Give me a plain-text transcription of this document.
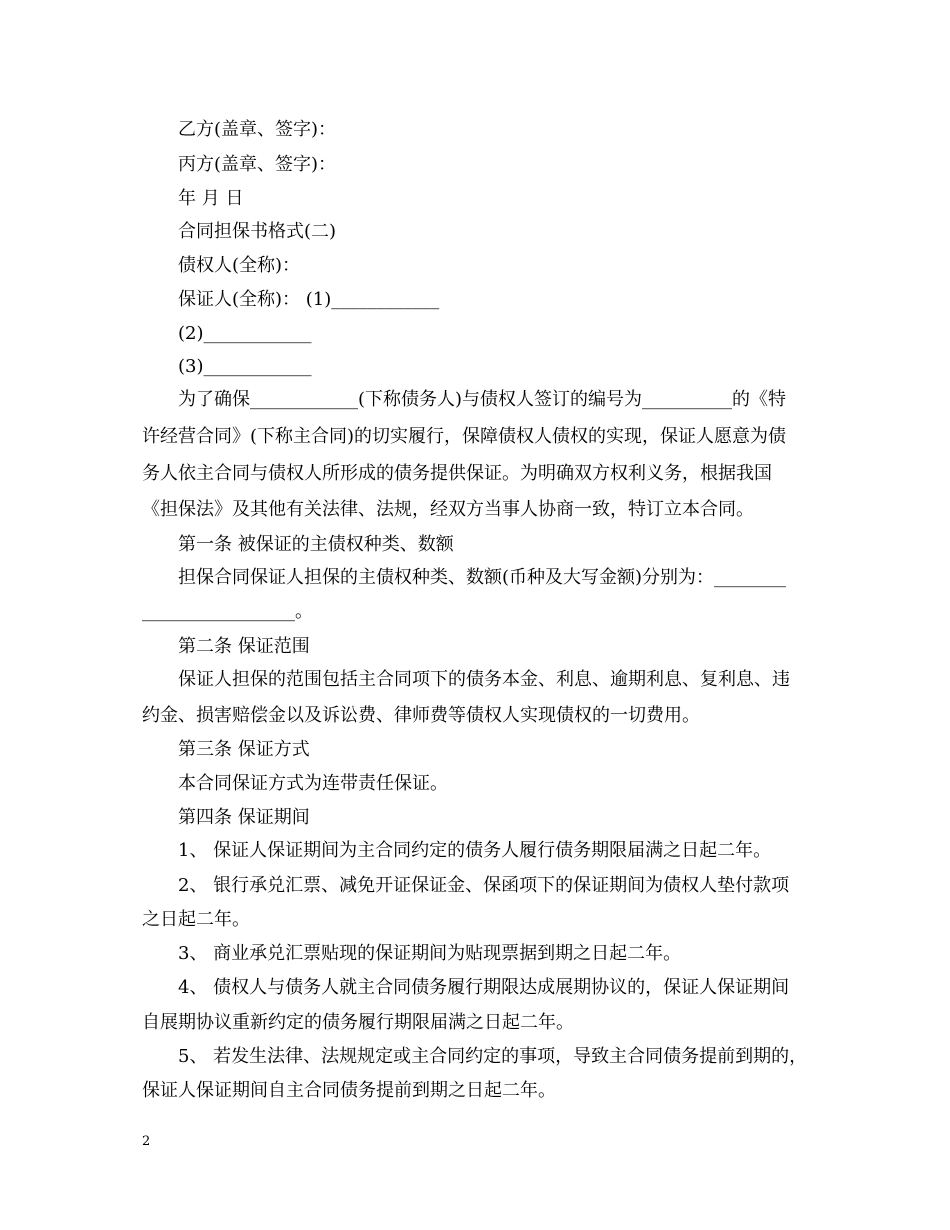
乙方(盖章、签字)：
丙方(盖章、签字)：
年 月 日
合同担保书格式(二)
债权人(全称)：
保证人(全称)： (1)____________
(2)____________
(3)____________
为了确保____________(下称债务人)与债权人签订的编号为__________的《特
许经营合同》(下称主合同)的切实履行，保障债权人债权的实现，保证人愿意为债
务人依主合同与债权人所形成的债务提供保证。为明确双方权利义务，根据我国
《担保法》及其他有关法律、法规，经双方当事人协商一致，特订立本合同。
第一条 被保证的主债权种类、数额
担保合同保证人担保的主债权种类、数额(币种及大写金额)分别为：________
_________________。
第二条 保证范围
保证人担保的范围包括主合同项下的债务本金、利息、逾期利息、复利息、违
约金、损害赔偿金以及诉讼费、律师费等债权人实现债权的一切费用。
第三条 保证方式
本合同保证方式为连带责任保证。
第四条 保证期间
1、 保证人保证期间为主合同约定的债务人履行债务期限届满之日起二年。
2、 银行承兑汇票、减免开证保证金、保函项下的保证期间为债权人垫付款项
之日起二年。
3、 商业承兑汇票贴现的保证期间为贴现票据到期之日起二年。
4、 债权人与债务人就主合同债务履行期限达成展期协议的，保证人保证期间
自展期协议重新约定的债务履行期限届满之日起二年。
5、 若发生法律、法规规定或主合同约定的事项，导致主合同债务提前到期的，
保证人保证期间自主合同债务提前到期之日起二年。
2
